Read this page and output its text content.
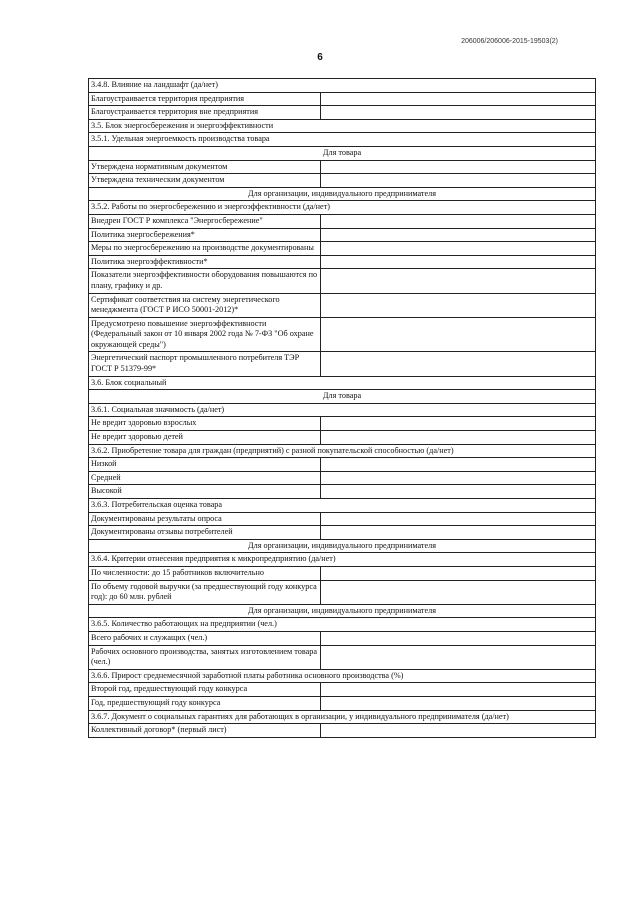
206006/206006-2015-19503(2)
6
3.4.8. Влияние на ландшафт (да/нет)	
Благоустраивается территория предприятия	
Благоустраивается территория вне предприятия	
3.5. Блок энергосбережения и энергоэффективности	
3.5.1. Удельная энергоемкость производства товара	
Для товара	
Утверждена нормативным документом	
Утверждена техническим документом	
Для организации, индивидуального предпринимателя	
3.5.2. Работы по энергосбережению и энергоэффективности (да/нет)	
Внедрен ГОСТ Р комплекса "Энергосбережение"	
Политика энергосбережения*	
Меры по энергосбережению на производстве документированы	
Политика энергоэффективности*	
Показатели энергоэффективности оборудования повышаются по плану, графику и др.	
Сертификат соответствия на систему энергетического менеджмента (ГОСТ Р ИСО 50001-2012)*	
Предусмотрено повышение энергоэффективности (Федеральный закон от 10 января 2002 года № 7-ФЗ "Об охране окружающей среды")	
Энергетический паспорт промышленного потребителя ТЭР ГОСТ Р 51379-99*	
3.6. Блок социальный	
Для товара	
3.6.1. Социальная значимость (да/нет)	
Не вредит здоровью взрослых	
Не вредит здоровью детей	
3.6.2. Приобретение товара для граждан (предприятий) с разной покупательской способностью (да/нет)	
Низкой	
Средней	
Высокой	
3.6.3. Потребительская оценка товара	
Документированы результаты опроса	
Документированы отзывы потребителей	
Для организации, индивидуального предпринимателя	
3.6.4. Критерии отнесения предприятия к микропредприятию (да/нет)	
По численности: до 15 работников включительно	
По объему годовой выручки (за предшествующий году конкурса год): до 60 млн. рублей	
Для организации, индивидуального предпринимателя	
3.6.5. Количество работающих на предприятии (чел.)	
Всего рабочих и служащих (чел.)	
Рабочих основного производства, занятых изготовлением товара (чел.)	
3.6.6. Прирост среднемесячной заработной платы работника основного производства (%)	
Второй год, предшествующий году конкурса	
Год, предшествующий году конкурса	
3.6.7. Документ о социальных гарантиях для работающих в организации, у индивидуального предпринимателя (да/нет)	
Коллективный договор* (первый лист)	
